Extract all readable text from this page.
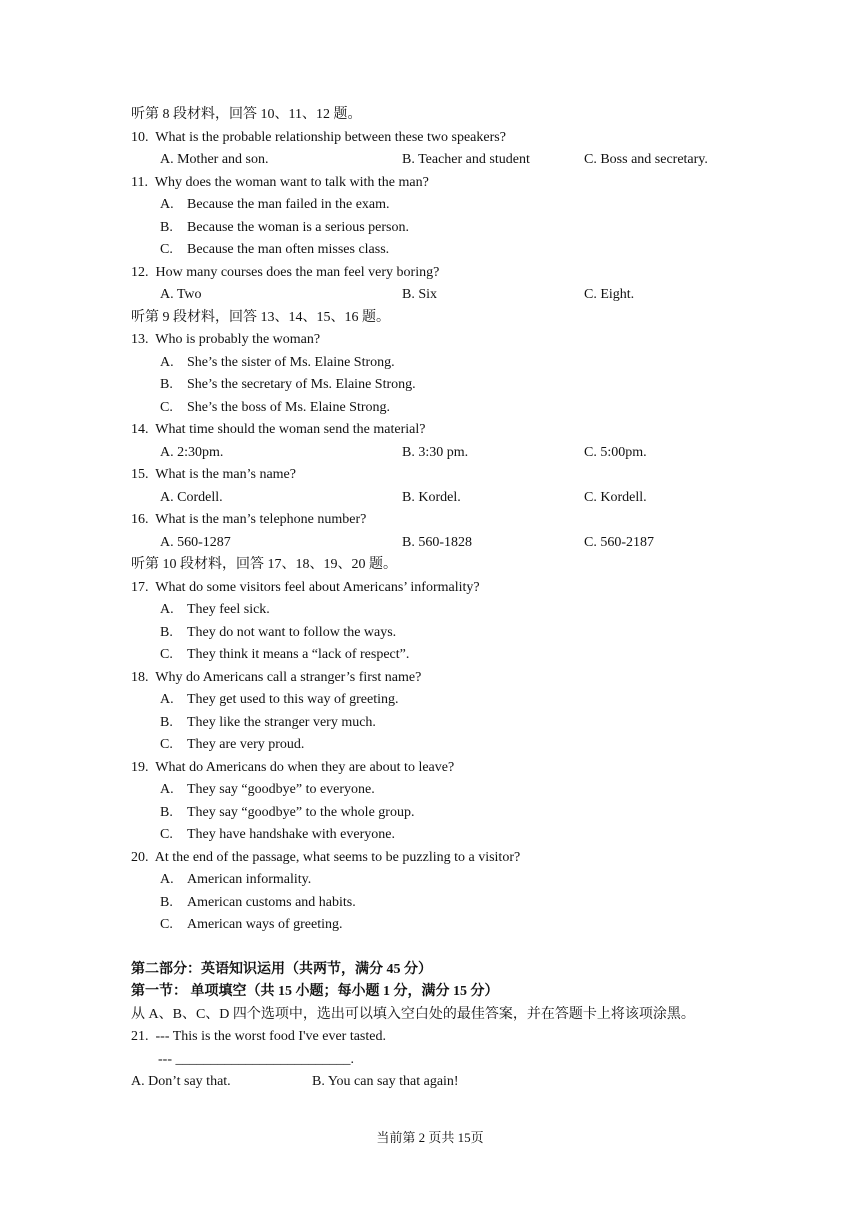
听第 8 段材料，回答 10、11、12 题。
10. What is the probable relationship between these two speakers?
A. Mother and son.	B. Teacher and student	C. Boss and secretary.
11. Why does the woman want to talk with the man?
A. Because the man failed in the exam.
B. Because the woman is a serious person.
C. Because the man often misses class.
12. How many courses does the man feel very boring?
A. Two	B. Six	C. Eight.
听第 9 段材料，回答 13、14、15、16 题。
13. Who is probably the woman?
A. She’s the sister of Ms. Elaine Strong.
B. She’s the secretary of Ms. Elaine Strong.
C. She’s the boss of Ms. Elaine Strong.
14. What time should the woman send the material?
A. 2:30pm.	B. 3:30 pm.	C. 5:00pm.
15. What is the man’s name?
A. Cordell.	B. Kordel.	C. Kordell.
16. What is the man’s telephone number?
A. 560-1287	B. 560-1828	C. 560-2187
听第 10 段材料，回答 17、18、19、20 题。
17. What do some visitors feel about Americans’ informality?
A. They feel sick.
B. They do not want to follow the ways.
C. They think it means a “lack of respect”.
18. Why do Americans call a stranger’s first name?
A. They get used to this way of greeting.
B. They like the stranger very much.
C. They are very proud.
19. What do Americans do when they are about to leave?
A. They say “goodbye” to everyone.
B. They say “goodbye” to the whole group.
C. They have handshake with everyone.
20. At the end of the passage, what seems to be puzzling to a visitor?
A. American informality.
B. American customs and habits.
C. American ways of greeting.
第二部分：英语知识运用（共两节，满分 45 分）
第一节： 单项填空（共 15 小题；每小题 1 分，满分 15 分）
从 A、B、C、D 四个选项中，选出可以填入空白处的最佳答案，并在答题卡上将该项涂黑。
21. --- This is the worst food I've ever tasted.
--- _________________________.
A. Don’t say that.	B. You can say that again!
当前第 2 页共 15页
